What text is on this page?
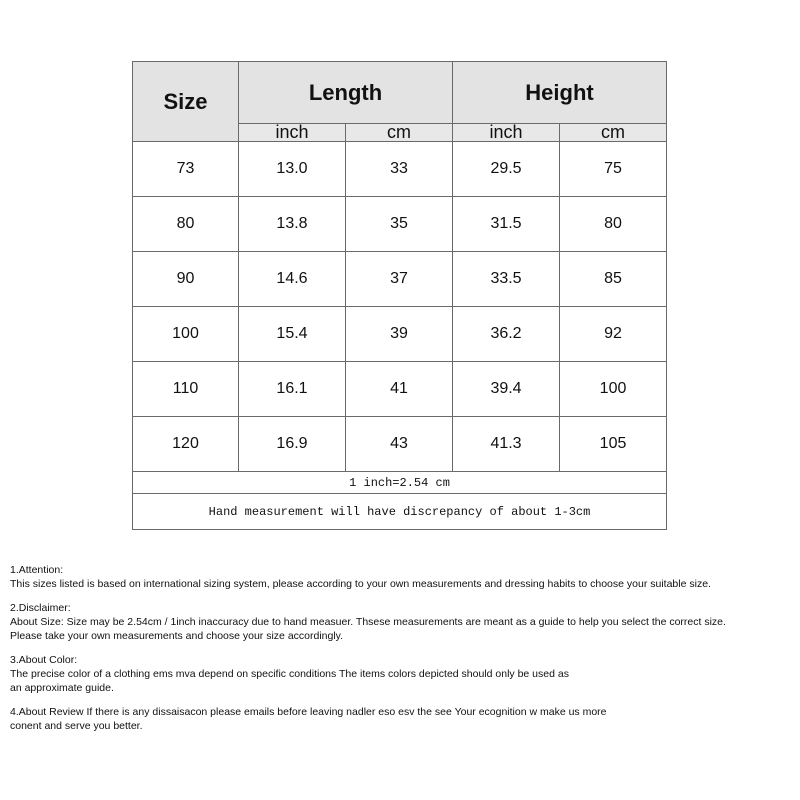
Size	Length		Height	
	inch	cm	inch	cm
73	13.0	33	29.5	75
80	13.8	35	31.5	80
90	14.6	37	33.5	85
100	15.4	39	36.2	92
110	16.1	41	39.4	100
120	16.9	43	41.3	105
1 inch=2.54 cm				
Hand measurement will have discrepancy of about 1-3cm				

1.Attention:

This sizes listed is based on international sizing system, please according to your own measurements and dressing habits to choose your suitable size.

2.Disclaimer:

About Size: Size may be 2.54cm / 1inch inaccuracy due to hand measuer. Thsese measurements are meant as a guide to help you select the correct size.

Please take your own measurements and choose your size accordingly.

3.About Color:

The precise color of a clothing ems mva depend on specific conditions The items colors depicted should only be used as

an approximate guide.

4.About Review If there is any dissaisacon please emails before leaving nadler eso esv the see Your ecognition w make us more

conent and serve you better.
